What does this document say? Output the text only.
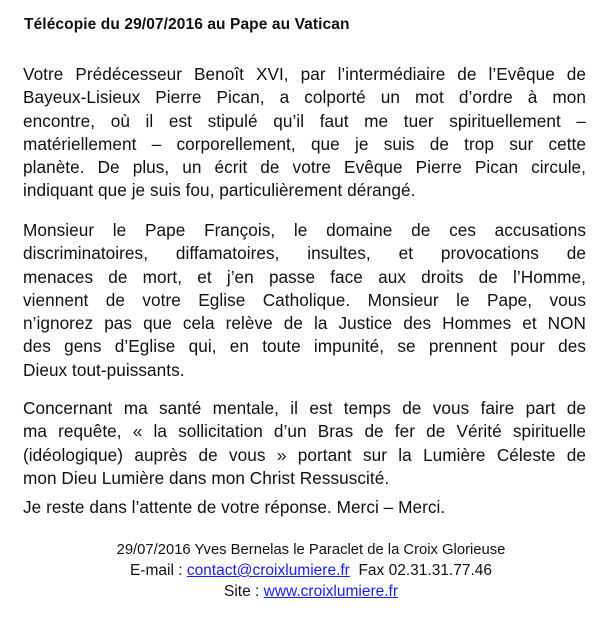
Télécopie du 29/07/2016 au Pape au Vatican
Votre Prédécesseur Benoît XVI, par l’intermédiaire de l’Evêque de
Bayeux-Lisieux Pierre Pican, a colporté un mot d’ordre à mon
encontre, où il est stipulé qu’il faut me tuer spirituellement –
matériellement – corporellement, que je suis de trop sur cette
planète. De plus, un écrit de votre Evêque Pierre Pican circule,
indiquant que je suis fou, particulièrement dérangé.
Monsieur le Pape François, le domaine de ces accusations
discriminatoires, diffamatoires, insultes, et provocations de
menaces de mort, et j’en passe face aux droits de l’Homme,
viennent de votre Eglise Catholique. Monsieur le Pape, vous
n’ignorez pas que cela relève de la Justice des Hommes et NON
des gens d’Eglise qui, en toute impunité, se prennent pour des
Dieux tout-puissants.
Concernant ma santé mentale, il est temps de vous faire part de
ma requête, « la sollicitation d’un Bras de fer de Vérité spirituelle
(idéologique) auprès de vous » portant sur la Lumière Céleste de
mon Dieu Lumière dans mon Christ Ressuscité.
Je reste dans l’attente de votre réponse. Merci – Merci.
29/07/2016 Yves Bernelas le Paraclet de la Croix Glorieuse
E-mail : contact@croixlumiere.fr  Fax 02.31.31.77.46
Site : www.croixlumiere.fr
